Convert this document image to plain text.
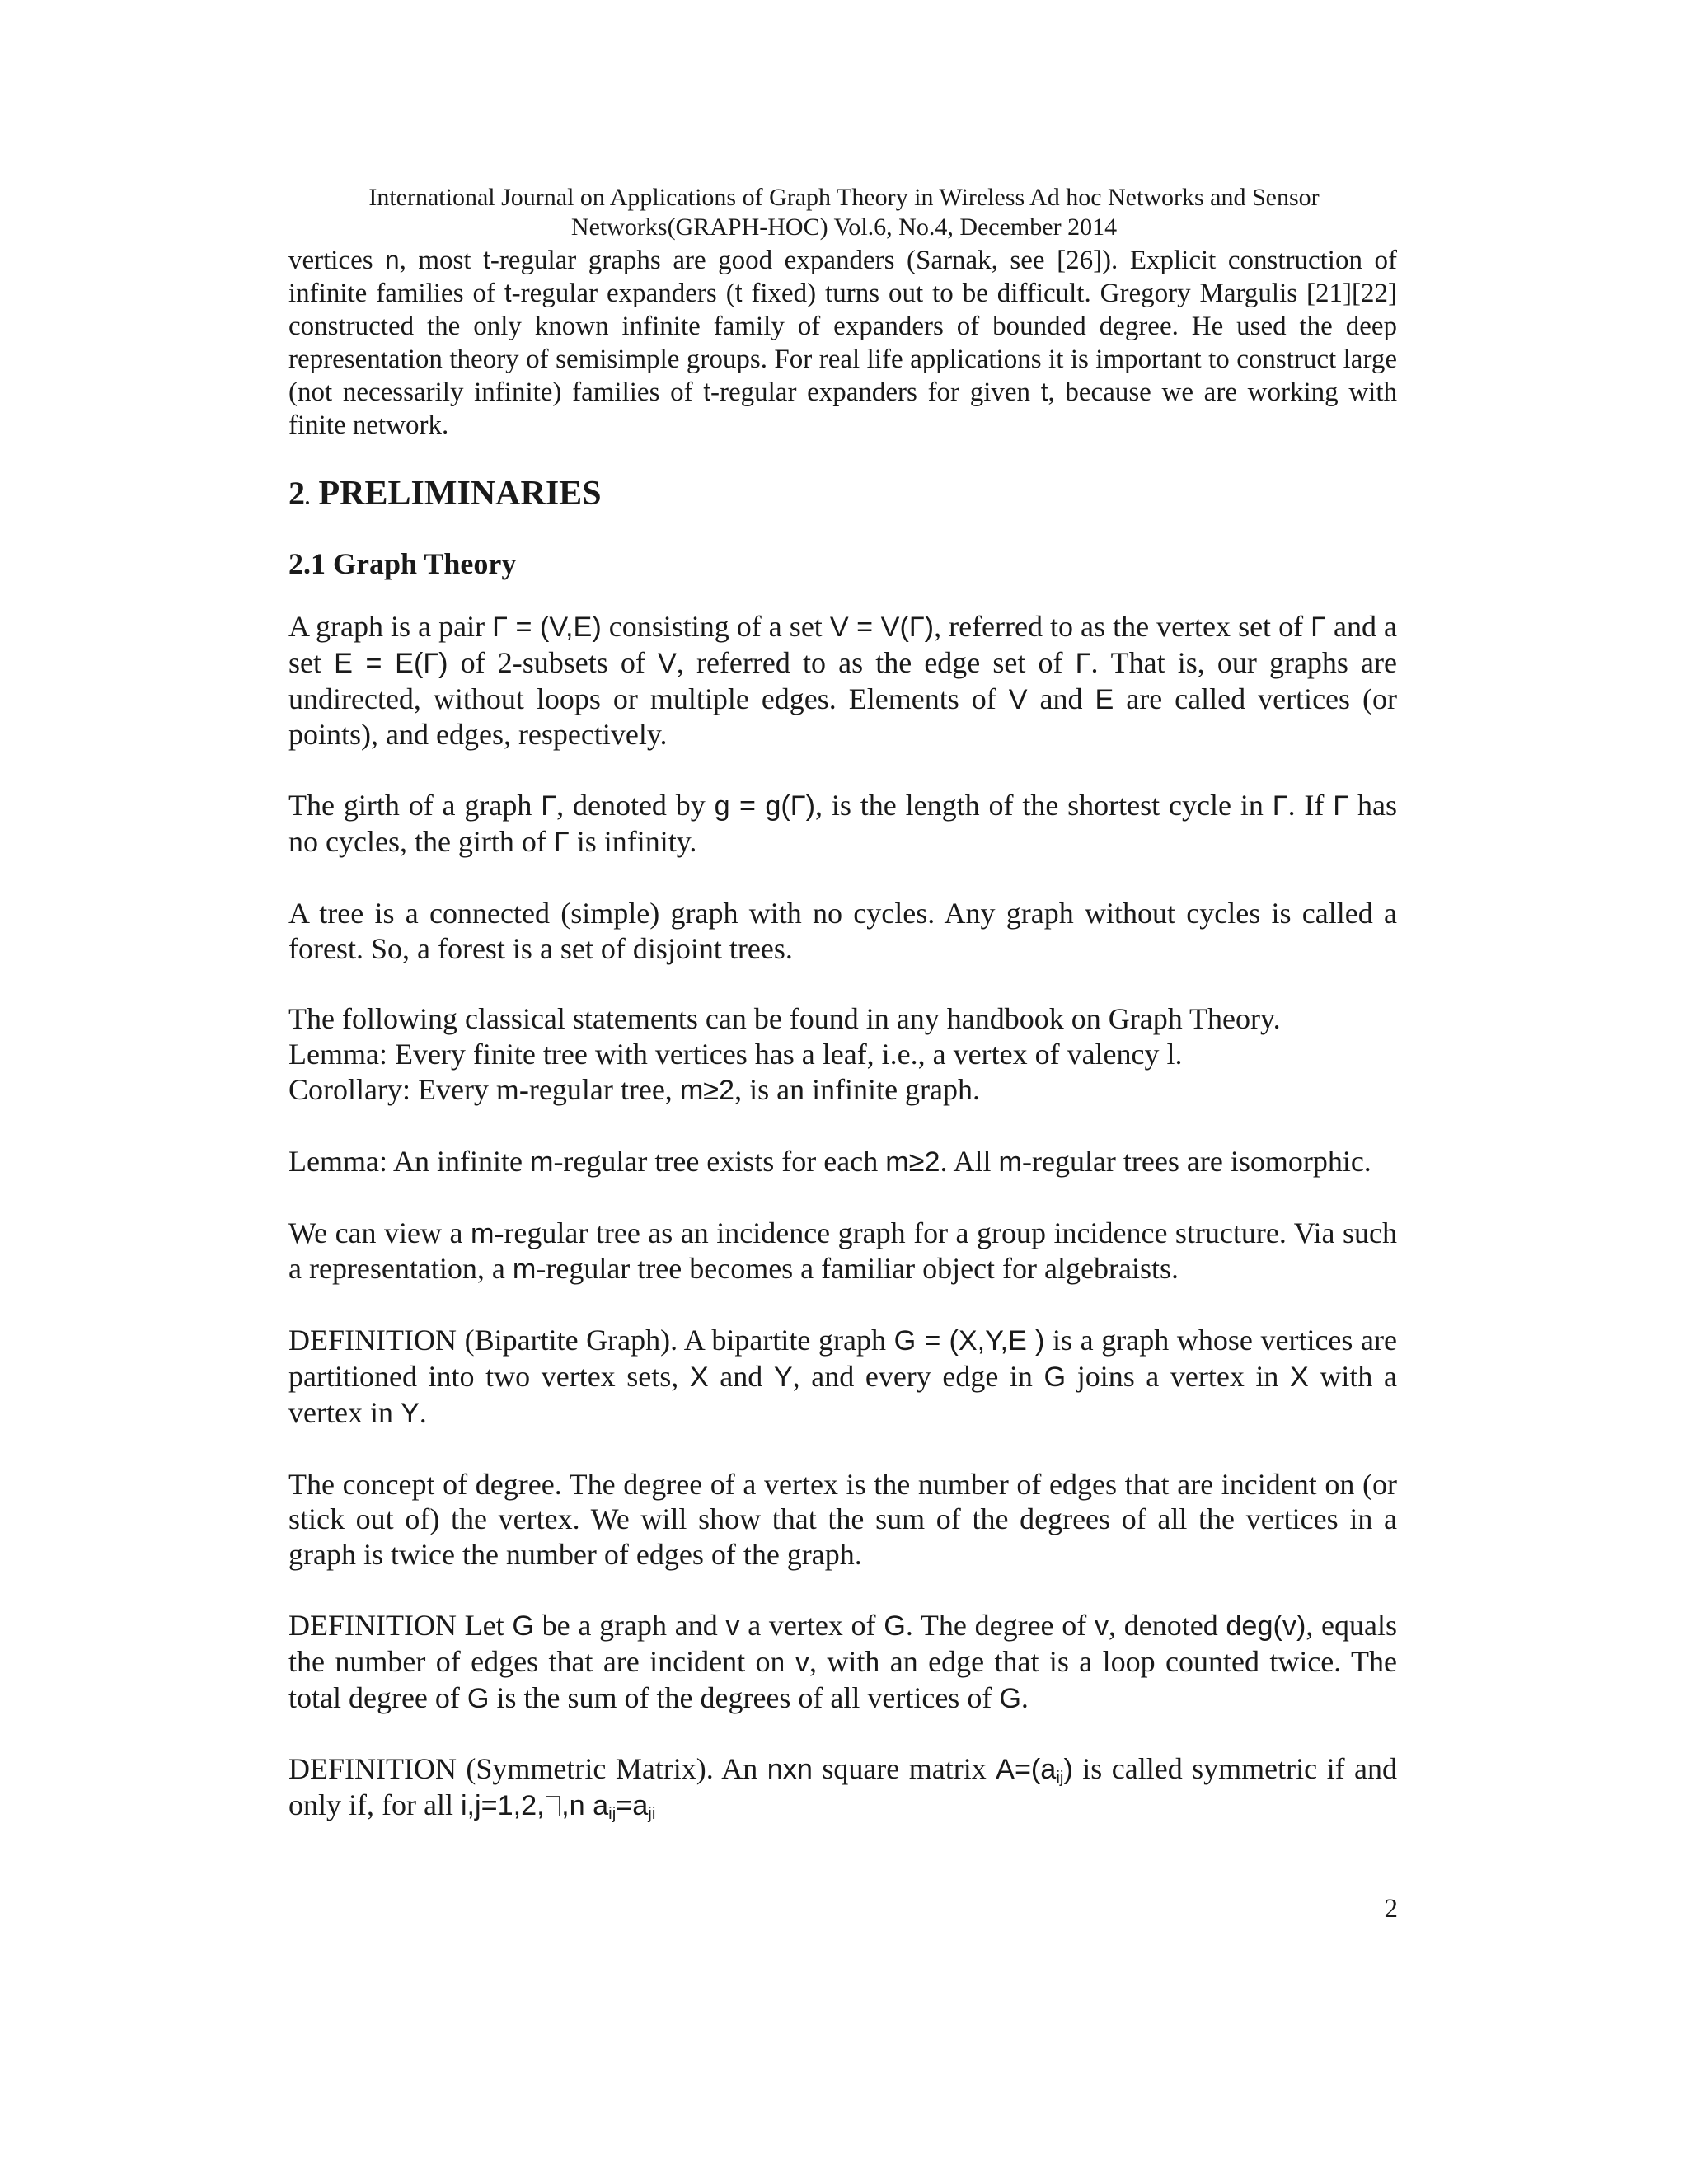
International Journal on Applications of Graph Theory in Wireless Ad hoc Networks and Sensor
Networks(GRAPH-HOC) Vol.6, No.4, December 2014

vertices n, most t-regular graphs are good expanders (Sarnak, see [26]). Explicit construction of infinite families of t-regular expanders (t fixed) turns out to be difficult. Gregory Margulis [21][22] constructed the only known infinite family of expanders of bounded degree. He used the deep representation theory of semisimple groups. For real life applications it is important to construct large (not necessarily infinite) families of t-regular expanders for given t, because we are working with finite network.

2. PRELIMINARIES
2.1 Graph Theory

A graph is a pair Γ = (V,E) consisting of a set V = V(Γ), referred to as the vertex set of Γ and a set E = E(Γ) of 2-subsets of V, referred to as the edge set of Γ. That is, our graphs are undirected, without loops or multiple edges. Elements of V and E are called vertices (or points), and edges, respectively.

The girth of a graph Γ, denoted by g = g(Γ), is the length of the shortest cycle in Γ. If Γ has no cycles, the girth of Γ is infinity.

A tree is a connected (simple) graph with no cycles. Any graph without cycles is called a forest. So, a forest is a set of disjoint trees.

The following classical statements can be found in any handbook on Graph Theory.
Lemma: Every finite tree with vertices has a leaf, i.e., a vertex of valency l.
Corollary: Every m-regular tree, m≥2, is an infinite graph.

Lemma: An infinite m-regular tree exists for each m≥2. All m-regular trees are isomorphic.

We can view a m-regular tree as an incidence graph for a group incidence structure. Via such a representation, a m-regular tree becomes a familiar object for algebraists.

DEFINITION (Bipartite Graph). A bipartite graph G = (X,Y,E ) is a graph whose vertices are partitioned into two vertex sets, X and Y, and every edge in G joins a vertex in X with a vertex in Y.

The concept of degree. The degree of a vertex is the number of edges that are incident on (or stick out of) the vertex. We will show that the sum of the degrees of all the vertices in a graph is twice the number of edges of the graph.

DEFINITION Let G be a graph and v a vertex of G. The degree of v, denoted deg(v), equals the number of edges that are incident on v, with an edge that is a loop counted twice. The total degree of G is the sum of the degrees of all vertices of G.

DEFINITION (Symmetric Matrix). An nxn square matrix $A=(a_{ij})$ is called symmetric if and only if, for all i,j=1,2, ,n $a_{ij}=a_{ji}$

2
